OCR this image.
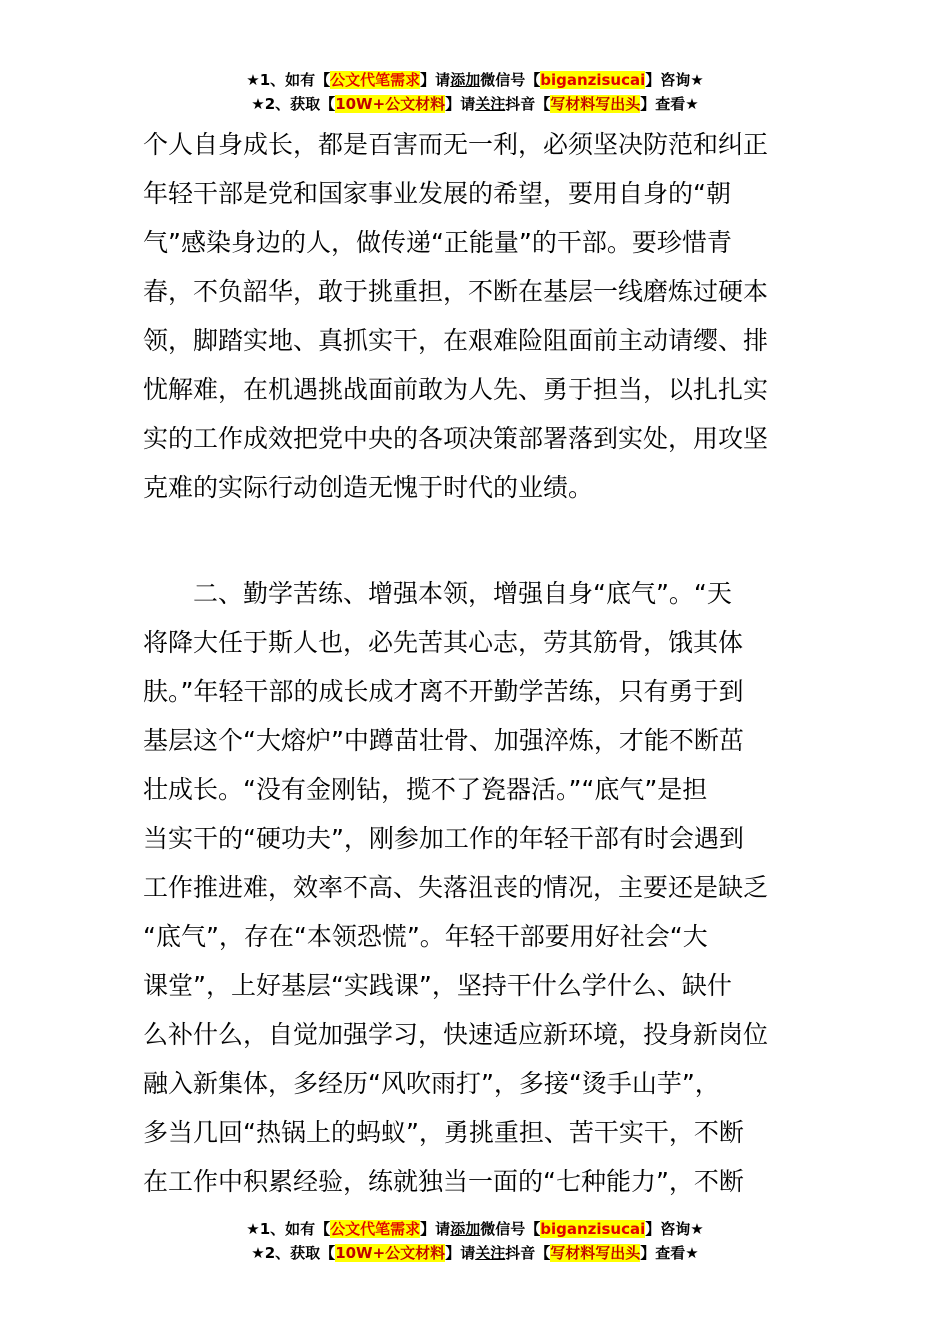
★1、如有【公文代笔需求】请添加微信号【biganzisucai】咨询★
★2、获取【10W+公文材料】请关注抖音【写材料写出头】查看★
个人自身成长，都是百害而无一利，必须坚决防范和纠正
年轻干部是党和国家事业发展的希望，要用自身的“朝
气”感染身边的人，做传递“正能量”的干部。要珍惜青
春，不负韶华，敢于挑重担，不断在基层一线磨炼过硬本
领，脚踏实地、真抓实干，在艰难险阻面前主动请缨、排
忧解难，在机遇挑战面前敢为人先、勇于担当，以扎扎实
实的工作成效把党中央的各项决策部署落到实处，用攻坚
克难的实际行动创造无愧于时代的业绩。
　　二、勤学苦练、增强本领，增强自身“底气”。“天
将降大任于斯人也，必先苦其心志，劳其筋骨，饿其体
肤。”年轻干部的成长成才离不开勤学苦练，只有勇于到
基层这个“大熔炉”中蹲苗壮骨、加强淬炼，才能不断茁
壮成长。“没有金刚钻，揽不了瓷器活。”“底气”是担
当实干的“硬功夫”，刚参加工作的年轻干部有时会遇到
工作推进难，效率不高、失落沮丧的情况，主要还是缺乏
“底气”，存在“本领恐慌”。年轻干部要用好社会“大
课堂”，上好基层“实践课”，坚持干什么学什么、缺什
么补什么，自觉加强学习，快速适应新环境，投身新岗位
融入新集体，多经历“风吹雨打”，多接“烫手山芋”，
多当几回“热锅上的蚂蚁”，勇挑重担、苦干实干，不断
在工作中积累经验，练就独当一面的“七种能力”，不断
★1、如有【公文代笔需求】请添加微信号【biganzisucai】咨询★
★2、获取【10W+公文材料】请关注抖音【写材料写出头】查看★
